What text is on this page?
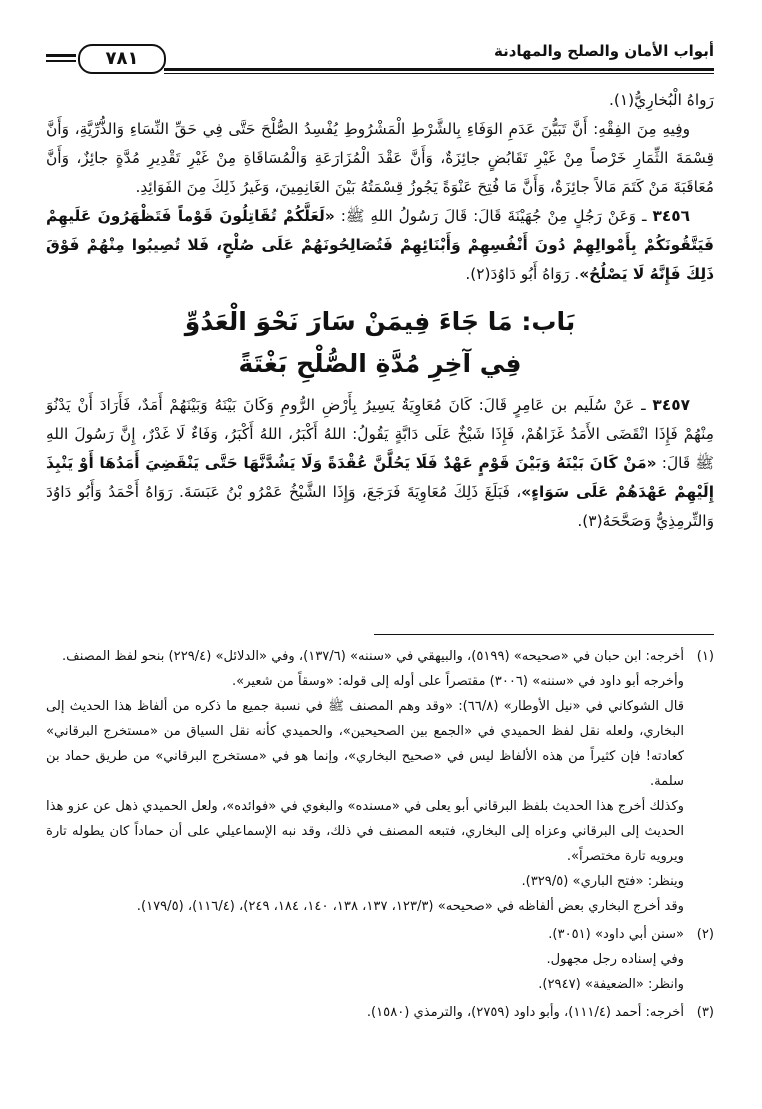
أبواب الأمان والصلح والمهادنة
٧٨١

رَواهُ الْبُخارِيُّ(١).

وفِيهِ مِنَ الفِقْهِ: أَنَّ تَبَيُّنَ عَدَمِ الوَفَاءِ بِالشَّرْطِ الْمَشْرُوطِ يُفْسِدُ الصُّلْحَ حَتَّى فِي حَقِّ النِّسَاءِ وَالذُّرِّيَّةِ، وَأَنَّ قِسْمَةَ الثِّمَارِ خَرْصاً مِنْ غَيْرِ تَقَابُضٍ جائِزَةٌ، وَأَنَّ عَقْدَ الْمُزَارَعَةِ وَالْمُسَاقَاةِ مِنْ غَيْرِ تَقْدِيرِ مُدَّةٍ جائِزٌ، وَأَنَّ مُعَاقَبَةَ مَنْ كَتَمَ مَالاً جائِزَةٌ، وَأَنَّ مَا فُتِحَ عَنْوَةً يَجُوزُ قِسْمَتُهُ بَيْنَ الغَانِمِينَ، وَغَيرُ ذَلِكَ مِنَ الفَوَائِدِ.

٣٤٥٦ ـ وَعَنْ رَجُلٍ مِنْ جُهَيْنَةَ قَالَ: قَالَ رَسُولُ اللهِ ﷺ: «لَعَلَّكُمْ تُقَاتِلُونَ قَوْماً فَتَظْهَرُونَ عَلَيهِمْ فَيَتَّقُونَكُمْ بِأَمْوالِهِمْ دُونَ أَنْفُسِهِمْ وَأَبْنَائِهِمْ فَتُصَالِحُونَهُمْ عَلَى صُلْحٍ، فَلا تُصِيبُوا مِنْهُمْ فَوْقَ ذَلِكَ فَإِنَّهُ لَا يَصْلُحُ». رَوَاهُ أَبُو دَاوُدَ(٢).

بَاب: مَا جَاءَ فِيمَنْ سَارَ نَحْوَ الْعَدُوِّ
فِي آخِرِ مُدَّةِ الصُّلْحِ بَغْتَةً

٣٤٥٧ ـ عَنْ سُلَيم بن عَامِرٍ قَالَ: كَانَ مُعَاوِيَةُ يَسِيرُ بِأَرْضِ الرُّومِ وَكَانَ بَيْنَهُ وَبَيْنَهُمْ أَمَدٌ، فَأَرَادَ أَنْ يَدْنُوَ مِنْهُمْ فَإِذَا انْقَضَى الأَمَدُ غَزَاهُمْ، فَإِذَا شَيْخٌ عَلَى دَابَّةٍ يَقُولُ: اللهُ أَكْبَرُ، اللهُ أَكْبَرُ، وَفَاءٌ لَا غَدْرٌ، إِنَّ رَسُولَ اللهِ ﷺ قَالَ: «مَنْ كَانَ بَيْنَهُ وَبَيْنَ قَوْمٍ عَهْدٌ فَلَا يَحُلَّنَّ عُقْدَةً وَلَا يَشُدَّنَّهَا حَتَّى يَنْقَضِيَ أَمَدُهَا أَوْ يَنْبِذَ إِلَيْهِمْ عَهْدَهُمْ عَلَى سَوَاءٍ»، فَبَلَغَ ذَلِكَ مُعَاوِيَةَ فَرَجَعَ، وَإِذَا الشَّيْخُ عَمْرُو بْنُ عَبَسَةَ. رَوَاهُ أَحْمَدُ وَأَبُو دَاوُدَ وَالتِّرمِذِيُّ وَصَحَّحَهُ(٣).

(١)

أخرجه: ابن حبان في «صحيحه» (٥١٩٩)، والبيهقي في «سننه» (١٣٧/٦)، وفي «الدلائل» (٢٢٩/٤) بنحو لفظ المصنف.

وأخرجه أبو داود في «سننه» (٣٠٠٦) مقتصراً على أوله إلى قوله: «وسقاً من شعير».

قال الشوكاني في «نيل الأوطار» (٦٦/٨): «وقد وهم المصنف ﷺ في نسبة جميع ما ذكره من ألفاظ هذا الحديث إلى البخاري، ولعله نقل لفظ الحميدي في «الجمع بين الصحيحين»، والحميدي كأنه نقل السياق من «مستخرج البرقاني» كعادته! فإن كثيراً من هذه الألفاظ ليس في «صحيح البخاري»، وإنما هو في «مستخرج البرقاني» من طريق حماد بن سلمة.

وكذلك أخرج هذا الحديث بلفظ البرقاني أبو يعلى في «مسنده» والبغوي في «فوائده»، ولعل الحميدي ذهل عن عزو هذا الحديث إلى البرقاني وعزاه إلى البخاري، فتبعه المصنف في ذلك، وقد نبه الإسماعيلي على أن حماداً كان يطوله تارة ويرويه تارة مختصراً».

وينظر: «فتح الباري» (٣٢٩/٥).

وقد أخرج البخاري بعض ألفاظه في «صحيحه» (١٢٣/٣، ١٣٧، ١٣٨، ١٤٠، ١٨٤، ٢٤٩)، (١١٦/٤)، (١٧٩/٥).

(٢)

«سنن أبي داود» (٣٠٥١).

وفي إسناده رجل مجهول.

وانظر: «الضعيفة» (٢٩٤٧).

(٣)

أخرجه: أحمد (١١١/٤)، وأبو داود (٢٧٥٩)، والترمذي (١٥٨٠).
